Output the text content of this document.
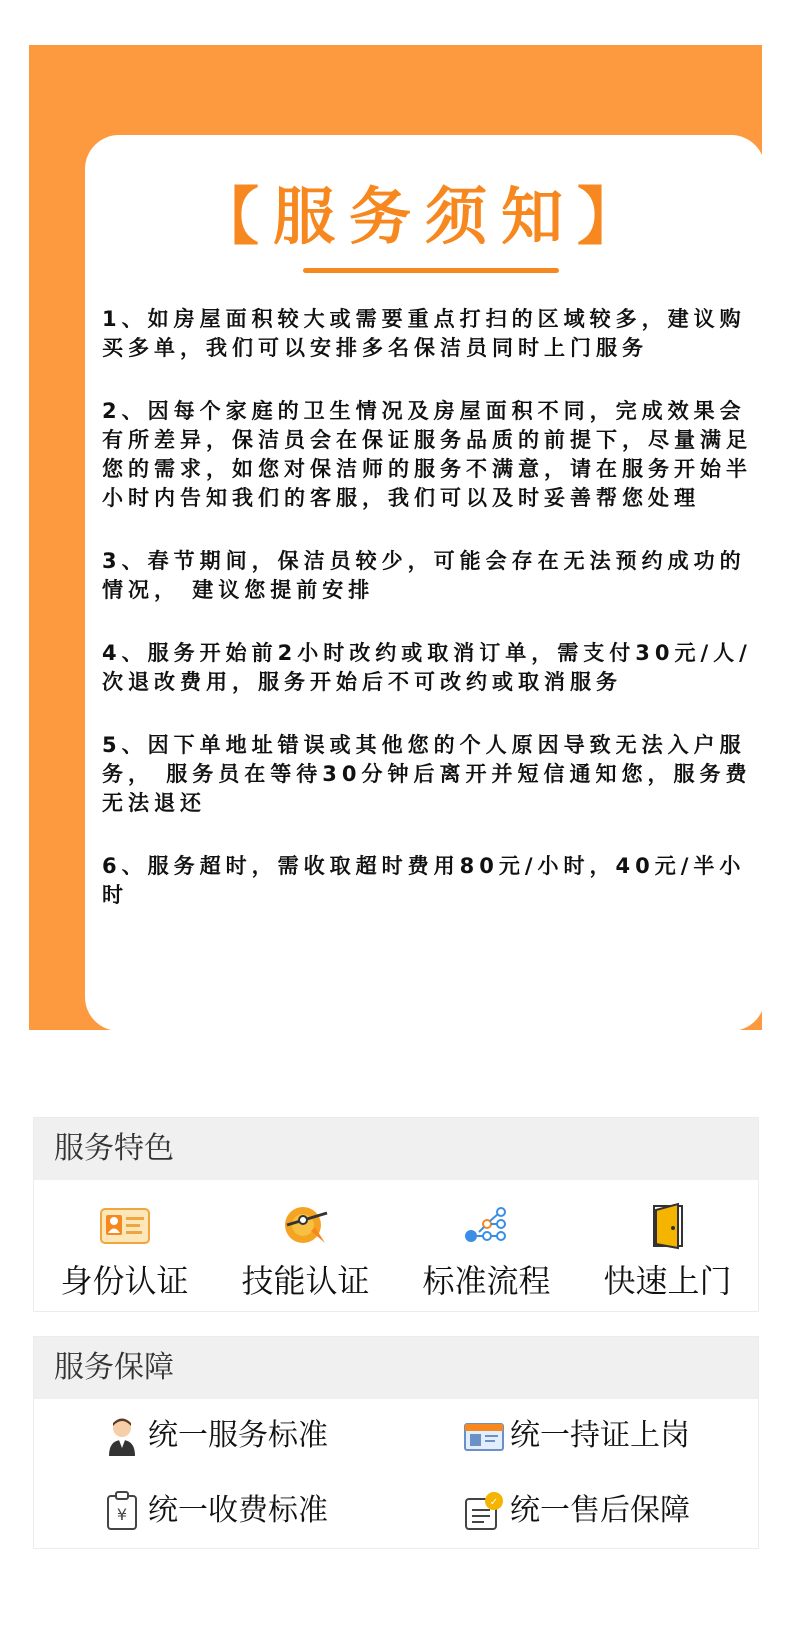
【服务须知】

1、如房屋面积较大或需要重点打扫的区域较多，建议购买多单，我们可以安排多名保洁员同时上门服务

2、因每个家庭的卫生情况及房屋面积不同，完成效果会有所差异，保洁员会在保证服务品质的前提下，尽量满足您的需求，如您对保洁师的服务不满意，请在服务开始半小时内告知我们的客服，我们可以及时妥善帮您处理

3、春节期间，保洁员较少，可能会存在无法预约成功的情况， 建议您提前安排

4、服务开始前2小时改约或取消订单，需支付30元/人/次退改费用，服务开始后不可改约或取消服务

5、因下单地址错误或其他您的个人原因导致无法入户服务， 服务员在等待30分钟后离开并短信通知您，服务费无法退还

6、服务超时，需收取超时费用80元/小时，40元/半小时

服务特色
身份认证 技能认证 标准流程 快速上门
服务保障
统一服务标准	统一持证上岗
¥ 统一收费标准	✓ 统一售后保障
